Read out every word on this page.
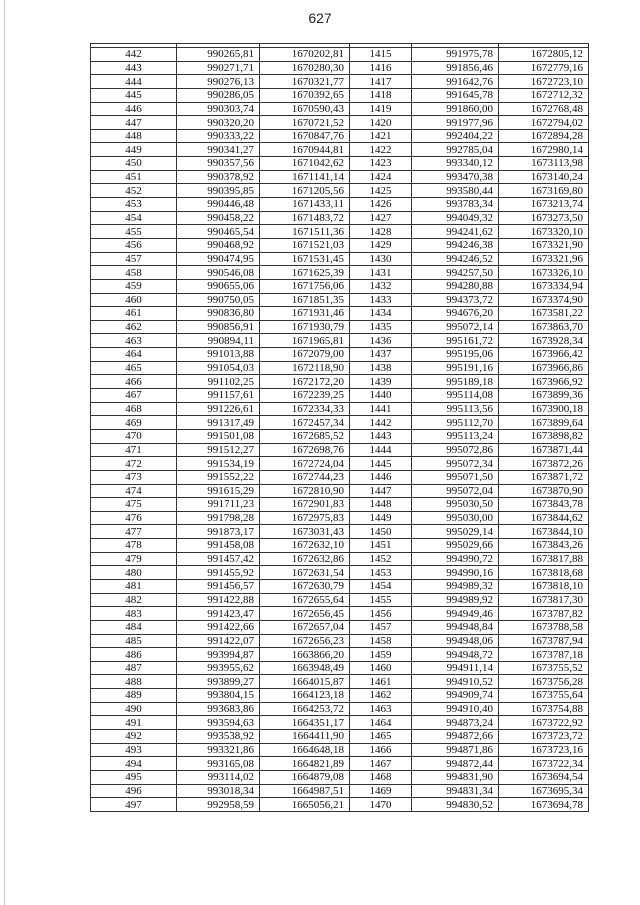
627

442	990265,81	1670202,81	1415	991975,78	1672805,12
443	990271,71	1670280,30	1416	991856,46	1672779,16
444	990276,13	1670321,77	1417	991642,76	1672723,10
445	990286,05	1670392,65	1418	991645,78	1672712,32
446	990303,74	1670590,43	1419	991860,00	1672768,48
447	990320,20	1670721,52	1420	991977,96	1672794,02
448	990333,22	1670847,76	1421	992404,22	1672894,28
449	990341,27	1670944,81	1422	992785,04	1672980,14
450	990357,56	1671042,62	1423	993340,12	1673113,98
451	990378,92	1671141,14	1424	993470,38	1673140,24
452	990395,85	1671205,56	1425	993580,44	1673169,80
453	990446,48	1671433,11	1426	993783,34	1673213,74
454	990458,22	1671483,72	1427	994049,32	1673273,50
455	990465,54	1671511,36	1428	994241,62	1673320,10
456	990468,92	1671521,03	1429	994246,38	1673321,90
457	990474,95	1671531,45	1430	994246,52	1673321,96
458	990546,08	1671625,39	1431	994257,50	1673326,10
459	990655,06	1671756,06	1432	994280,88	1673334,94
460	990750,05	1671851,35	1433	994373,72	1673374,90
461	990836,80	1671931,46	1434	994676,20	1673581,22
462	990856,91	1671930,79	1435	995072,14	1673863,70
463	990894,11	1671965,81	1436	995161,72	1673928,34
464	991013,88	1672079,00	1437	995195,06	1673966,42
465	991054,03	1672118,90	1438	995191,16	1673966,86
466	991102,25	1672172,20	1439	995189,18	1673966,92
467	991157,61	1672239,25	1440	995114,08	1673899,36
468	991226,61	1672334,33	1441	995113,56	1673900,18
469	991317,49	1672457,34	1442	995112,70	1673899,64
470	991501,08	1672685,52	1443	995113,24	1673898,82
471	991512,27	1672698,76	1444	995072,86	1673871,44
472	991534,19	1672724,04	1445	995072,34	1673872,26
473	991552,22	1672744,23	1446	995071,50	1673871,72
474	991615,29	1672810,90	1447	995072,04	1673870,90
475	991711,23	1672901,83	1448	995030,50	1673843,78
476	991798,28	1672975,83	1449	995030,00	1673844,62
477	991873,17	1673031,43	1450	995029,14	1673844,10
478	991458,08	1672632,10	1451	995029,66	1673843,26
479	991457,42	1672632,86	1452	994990,72	1673817,88
480	991455,92	1672631,54	1453	994990,16	1673818,68
481	991456,57	1672630,79	1454	994989,32	1673818,10
482	991422,88	1672655,64	1455	994989,92	1673817,30
483	991423,47	1672656,45	1456	994949,46	1673787,82
484	991422,66	1672657,04	1457	994948,84	1673788,58
485	991422,07	1672656,23	1458	994948,06	1673787,94
486	993994,87	1663866,20	1459	994948,72	1673787,18
487	993955,62	1663948,49	1460	994911,14	1673755,52
488	993899,27	1664015,87	1461	994910,52	1673756,28
489	993804,15	1664123,18	1462	994909,74	1673755,64
490	993683,86	1664253,72	1463	994910,40	1673754,88
491	993594,63	1664351,17	1464	994873,24	1673722,92
492	993538,92	1664411,90	1465	994872,66	1673723,72
493	993321,86	1664648,18	1466	994871,86	1673723,16
494	993165,08	1664821,89	1467	994872,44	1673722,34
495	993114,02	1664879,08	1468	994831,90	1673694,54
496	993018,34	1664987,51	1469	994831,34	1673695,34
497	992958,59	1665056,21	1470	994830,52	1673694,78
